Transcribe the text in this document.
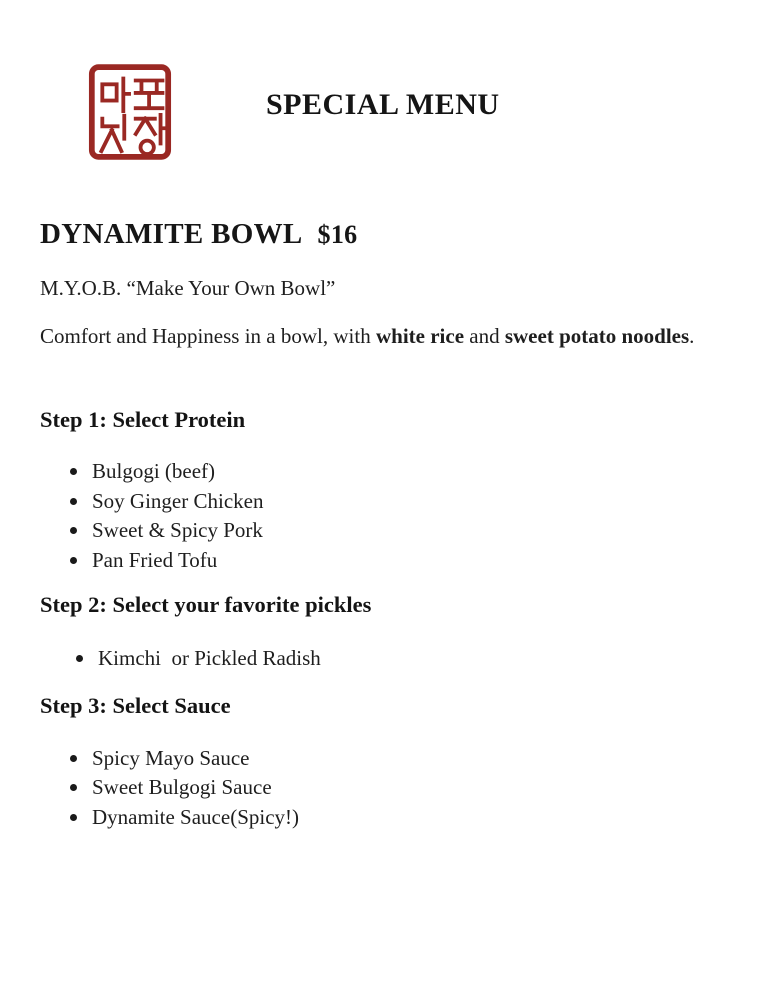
SPECIAL MENU
DYNAMITE BOWL $16

M.Y.O.B. “Make Your Own Bowl”

Comfort and Happiness in a bowl, with white rice and sweet potato noodles.

Step 1: Select Protein
Bulgogi (beef)
Soy Ginger Chicken
Sweet & Spicy Pork
Pan Fried Tofu
Step 2: Select your favorite pickles
Kimchi  or Pickled Radish
Step 3: Select Sauce
Spicy Mayo Sauce
Sweet Bulgogi Sauce
Dynamite Sauce(Spicy!)
